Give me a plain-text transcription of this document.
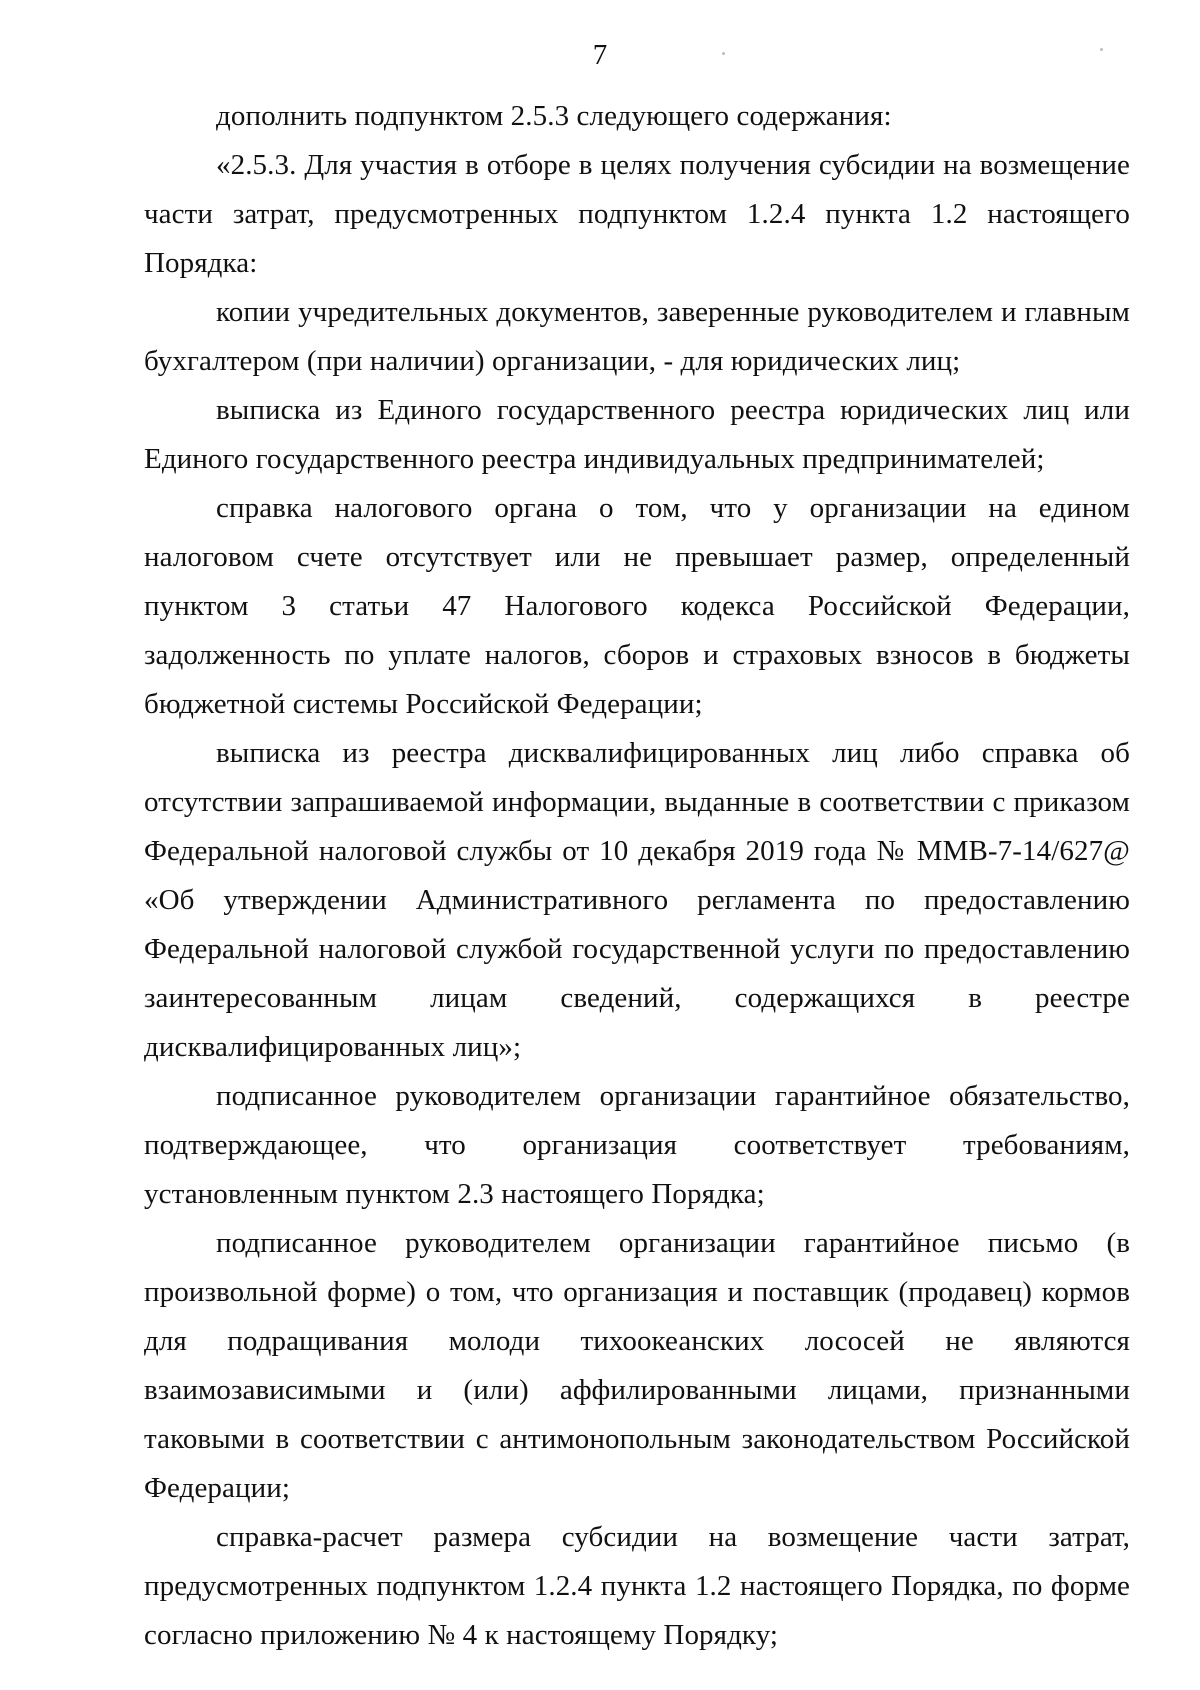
7

дополнить подпунктом 2.5.3 следующего содержания:

«2.5.3. Для участия в отборе в целях получения субсидии на возмещение части затрат, предусмотренных подпунктом 1.2.4 пункта 1.2 настоящего Порядка:

копии учредительных документов, заверенные руководителем и главным бухгалтером (при наличии) организации, - для юридических лиц;

выписка из Единого государственного реестра юридических лиц или Единого государственного реестра индивидуальных предпринимателей;

справка налогового органа о том, что у организации на едином налоговом счете отсутствует или не превышает размер, определенный пунктом 3 статьи 47 Налогового кодекса Российской Федерации, задолженность по уплате налогов, сборов и страховых взносов в бюджеты бюджетной системы Российской Федерации;

выписка из реестра дисквалифицированных лиц либо справка об отсутствии запрашиваемой информации, выданные в соответствии с приказом Федеральной налоговой службы от 10 декабря 2019 года № ММВ-7-14/627@ «Об утверждении Административного регламента по предоставлению Федеральной налоговой службой государственной услуги по предоставлению заинтересованным лицам сведений, содержащихся в реестре дисквалифицированных лиц»;

подписанное руководителем организации гарантийное обязательство, подтверждающее, что организация соответствует требованиям, установленным пунктом 2.3 настоящего Порядка;

подписанное руководителем организации гарантийное письмо (в произвольной форме) о том, что организация и поставщик (продавец) кормов для подращивания молоди тихоокеанских лососей не являются взаимозависимыми и (или) аффилированными лицами, признанными таковыми в соответствии с антимонопольным законодательством Российской Федерации;

справка-расчет размера субсидии на возмещение части затрат, предусмотренных подпунктом 1.2.4 пункта 1.2 настоящего Порядка, по форме согласно приложению № 4 к настоящему Порядку;
